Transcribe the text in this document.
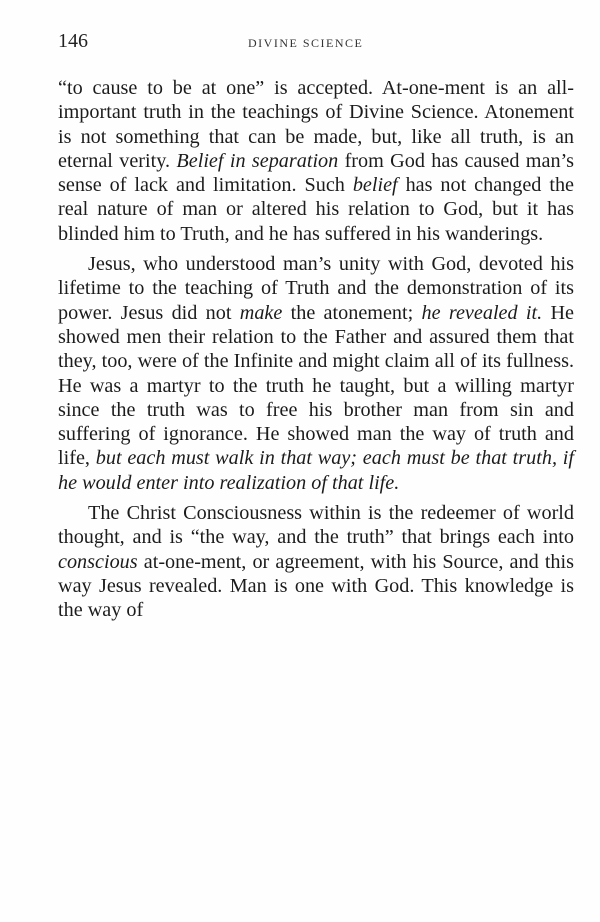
146	DIVINE SCIENCE

“to cause to be at one” is accepted. At-one-ment is an all-important truth in the teachings of Divine Science. Atonement is not something that can be made, but, like all truth, is an eternal verity. Belief in separation from God has caused man’s sense of lack and limitation. Such belief has not changed the real nature of man or altered his relation to God, but it has blinded him to Truth, and he has suffered in his wanderings.

Jesus, who understood man’s unity with God, devoted his lifetime to the teaching of Truth and the demonstration of its power. Jesus did not make the atonement; he revealed it. He showed men their relation to the Father and assured them that they, too, were of the Infinite and might claim all of its fullness. He was a martyr to the truth he taught, but a willing martyr since the truth was to free his brother man from sin and suffering of ignorance. He showed man the way of truth and life, but each must walk in that way; each must be that truth, if he would enter into realization of that life.

The Christ Consciousness within is the redeemer of world thought, and is “the way, and the truth” that brings each into conscious at-one-ment, or agreement, with his Source, and this way Jesus revealed. Man is one with God. This knowledge is the way of
